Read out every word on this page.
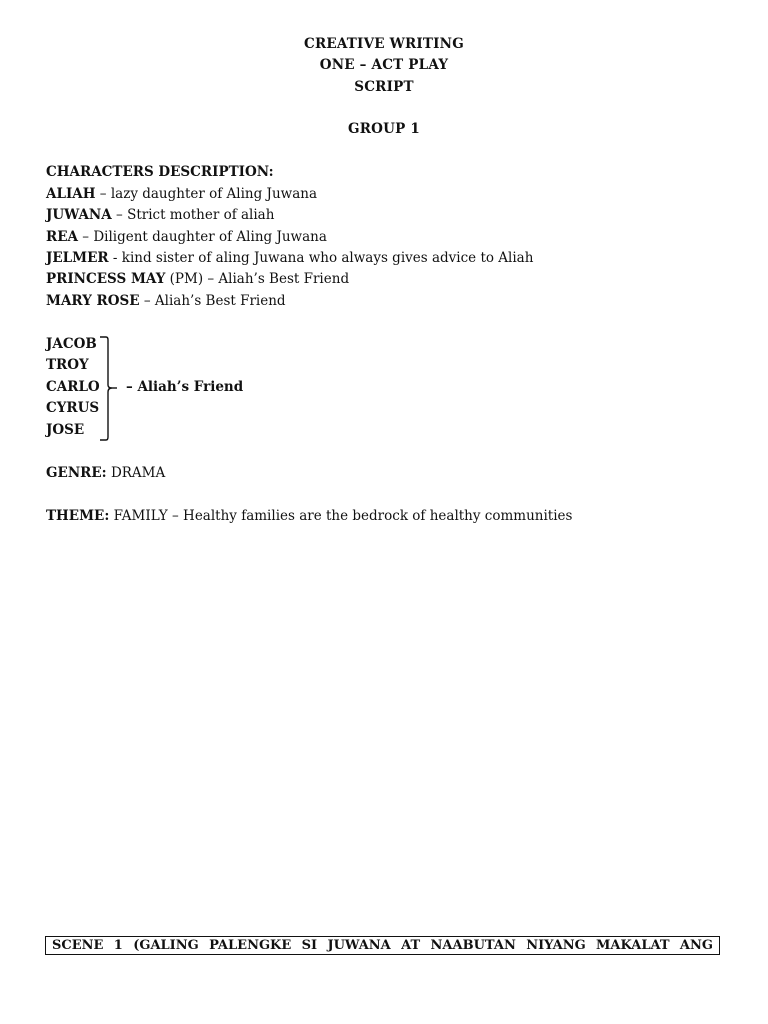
CREATIVE WRITING
ONE – ACT PLAY
SCRIPT
GROUP 1
CHARACTERS DESCRIPTION:
ALIAH – lazy daughter of Aling Juwana
JUWANA – Strict mother of aliah
REA – Diligent daughter of Aling Juwana
JELMER - kind sister of aling Juwana who always gives advice to Aliah
PRINCESS MAY (PM) – Aliah’s Best Friend
MARY ROSE – Aliah’s Best Friend
JACOB
TROY
CARLO
CYRUS
JOSE
– Aliah’s Friend
GENRE: DRAMA
THEME: FAMILY – Healthy families are the bedrock of healthy communities
SCENE 1 (GALING PALENGKE SI JUWANA AT NAABUTAN NIYANG MAKALAT ANG
